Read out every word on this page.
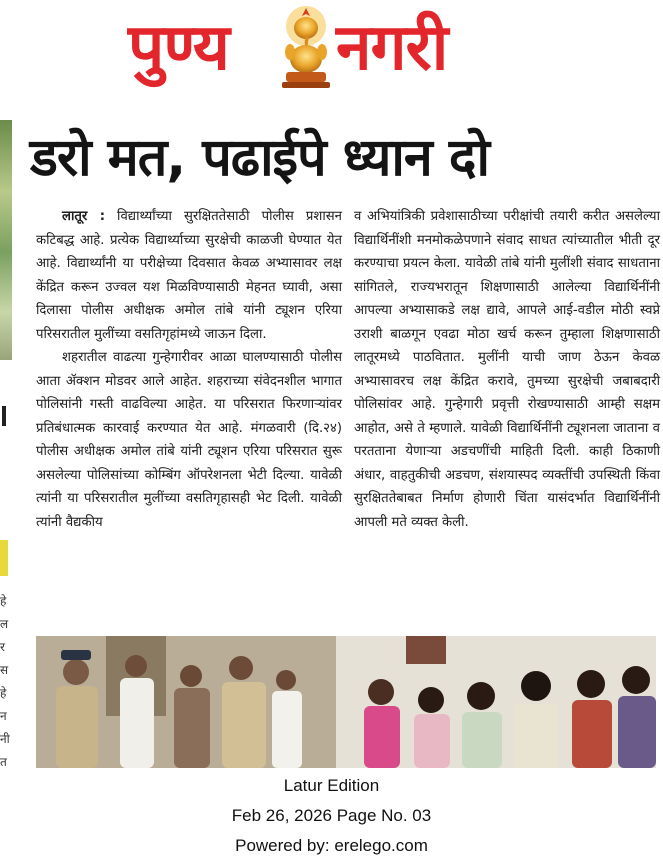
पुण्य नगरी
हे
ल
र
स
हे
न
नी
त
डरो मत, पढाईपे ध्यान दो

लातूर : विद्यार्थ्यांच्या सुरक्षिततेसाठी पोलीस प्रशासन कटिबद्ध आहे. प्रत्येक विद्यार्थ्याच्या सुरक्षेची काळजी घेण्यात येत आहे. विद्यार्थ्यांनी या परीक्षेच्या दिवसात केवळ अभ्यासावर लक्ष केंद्रित करून उज्वल यश मिळविण्यासाठी मेहनत घ्यावी, असा दिलासा पोलीस अधीक्षक अमोल तांबे यांनी ट्यूशन एरिया परिसरातील मुलींच्या वसतिगृहांमध्ये जाऊन दिला.

शहरातील वाढत्या गुन्हेगारीवर आळा घालण्यासाठी पोलीस आता ॲक्शन मोडवर आले आहेत. शहराच्या संवेदनशील भागात पोलिसांनी गस्ती वाढविल्या आहेत. या परिसरात फिरणाऱ्यांवर प्रतिबंधात्मक कारवाई करण्यात येत आहे. मंगळवारी (दि.२४) पोलीस अधीक्षक अमोल तांबे यांनी ट्यूशन एरिया परिसरात सुरू असलेल्या पोलिसांच्या कोम्बिंग ऑपरेशनला भेटी दिल्या. यावेळी त्यांनी या परिसरातील मुलींच्या वसतिगृहासही भेट दिली. यावेळी त्यांनी वैद्यकीय

व अभियांत्रिकी प्रवेशासाठीच्या परीक्षांची तयारी करीत असलेल्या विद्यार्थिनींशी मनमोकळेपणाने संवाद साधत त्यांच्यातील भीती दूर करण्याचा प्रयत्न केला. यावेळी तांबे यांनी मुलींशी संवाद साधताना सांगितले, राज्यभरातून शिक्षणासाठी आलेल्या विद्यार्थिनींनी आपल्या अभ्यासाकडे लक्ष द्यावे, आपले आई-वडील मोठी स्वप्ने उराशी बाळगून एवढा मोठा खर्च करून तुम्हाला शिक्षणासाठी लातूरमध्ये पाठवितात. मुलींनी याची जाण ठेऊन केवळ अभ्यासावरच लक्ष केंद्रित करावे, तुमच्या सुरक्षेची जबाबदारी पोलिसांवर आहे. गुन्हेगारी प्रवृत्ती रोखण्यासाठी आम्ही सक्षम आहोत, असे ते म्हणाले. यावेळी विद्यार्थिनींनी ट्यूशनला जाताना व परतताना येणाऱ्या अडचणींची माहिती दिली. काही ठिकाणी अंधार, वाहतुकीची अडचण, संशयास्पद व्यक्तींची उपस्थिती किंवा सुरक्षिततेबाबत निर्माण होणारी चिंता यासंदर्भात विद्यार्थिनींनी आपली मते व्यक्त केली.

Latur Edition
Feb 26, 2026 Page No. 03
Powered by: erelego.com
